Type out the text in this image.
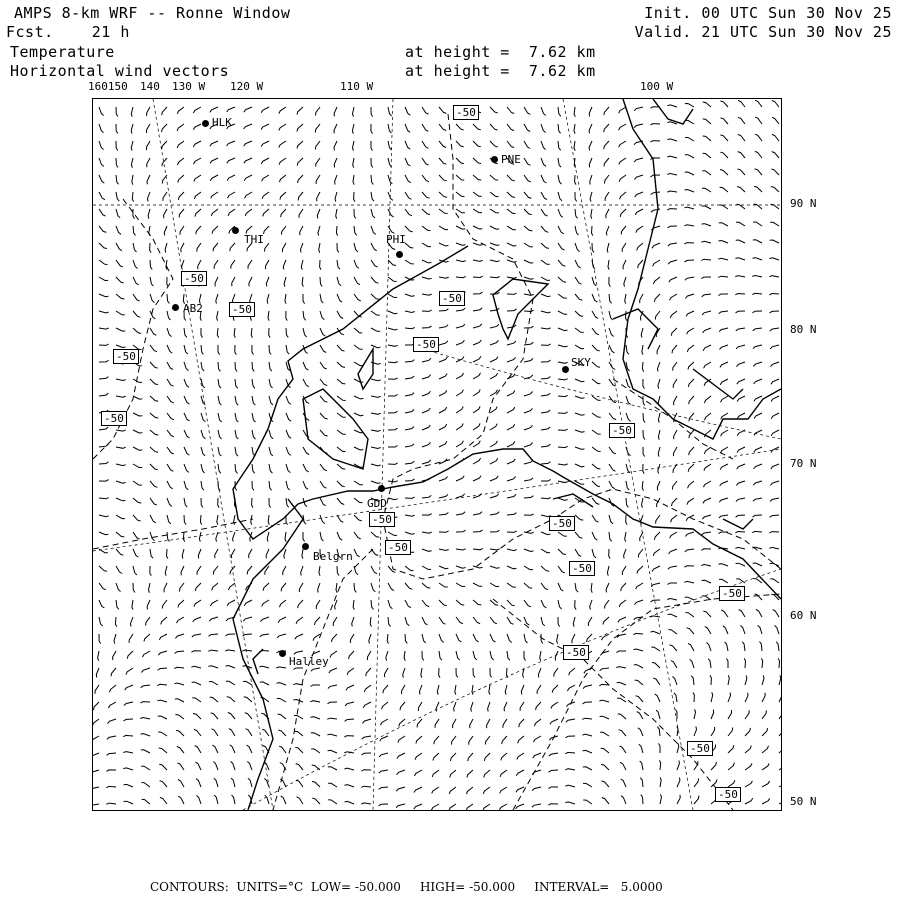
AMPS 8-km WRF -- Ronne Window
Fcst.    21 h
Temperature
Horizontal wind vectors
at height =  7.62 km
at height =  7.62 km
Init. 00 UTC Sun 30 Nov 25
Valid. 21 UTC Sun 30 Nov 25
160150 140 130 W 120 W	110 W	100 W
90 N
80 N
70 N
60 N
50 N
HLK
PNE
THI	PHI
AB2
SKY
GDD
Belgrn
Halley
-50
-50
-50
-50
-50
-50
-50
-50
-50	-50
-50
-50
-50
-50
-50
-50
CONTOURS:  UNITS=°C  LOW= -50.000     HIGH= -50.000     INTERVAL=   5.0000
